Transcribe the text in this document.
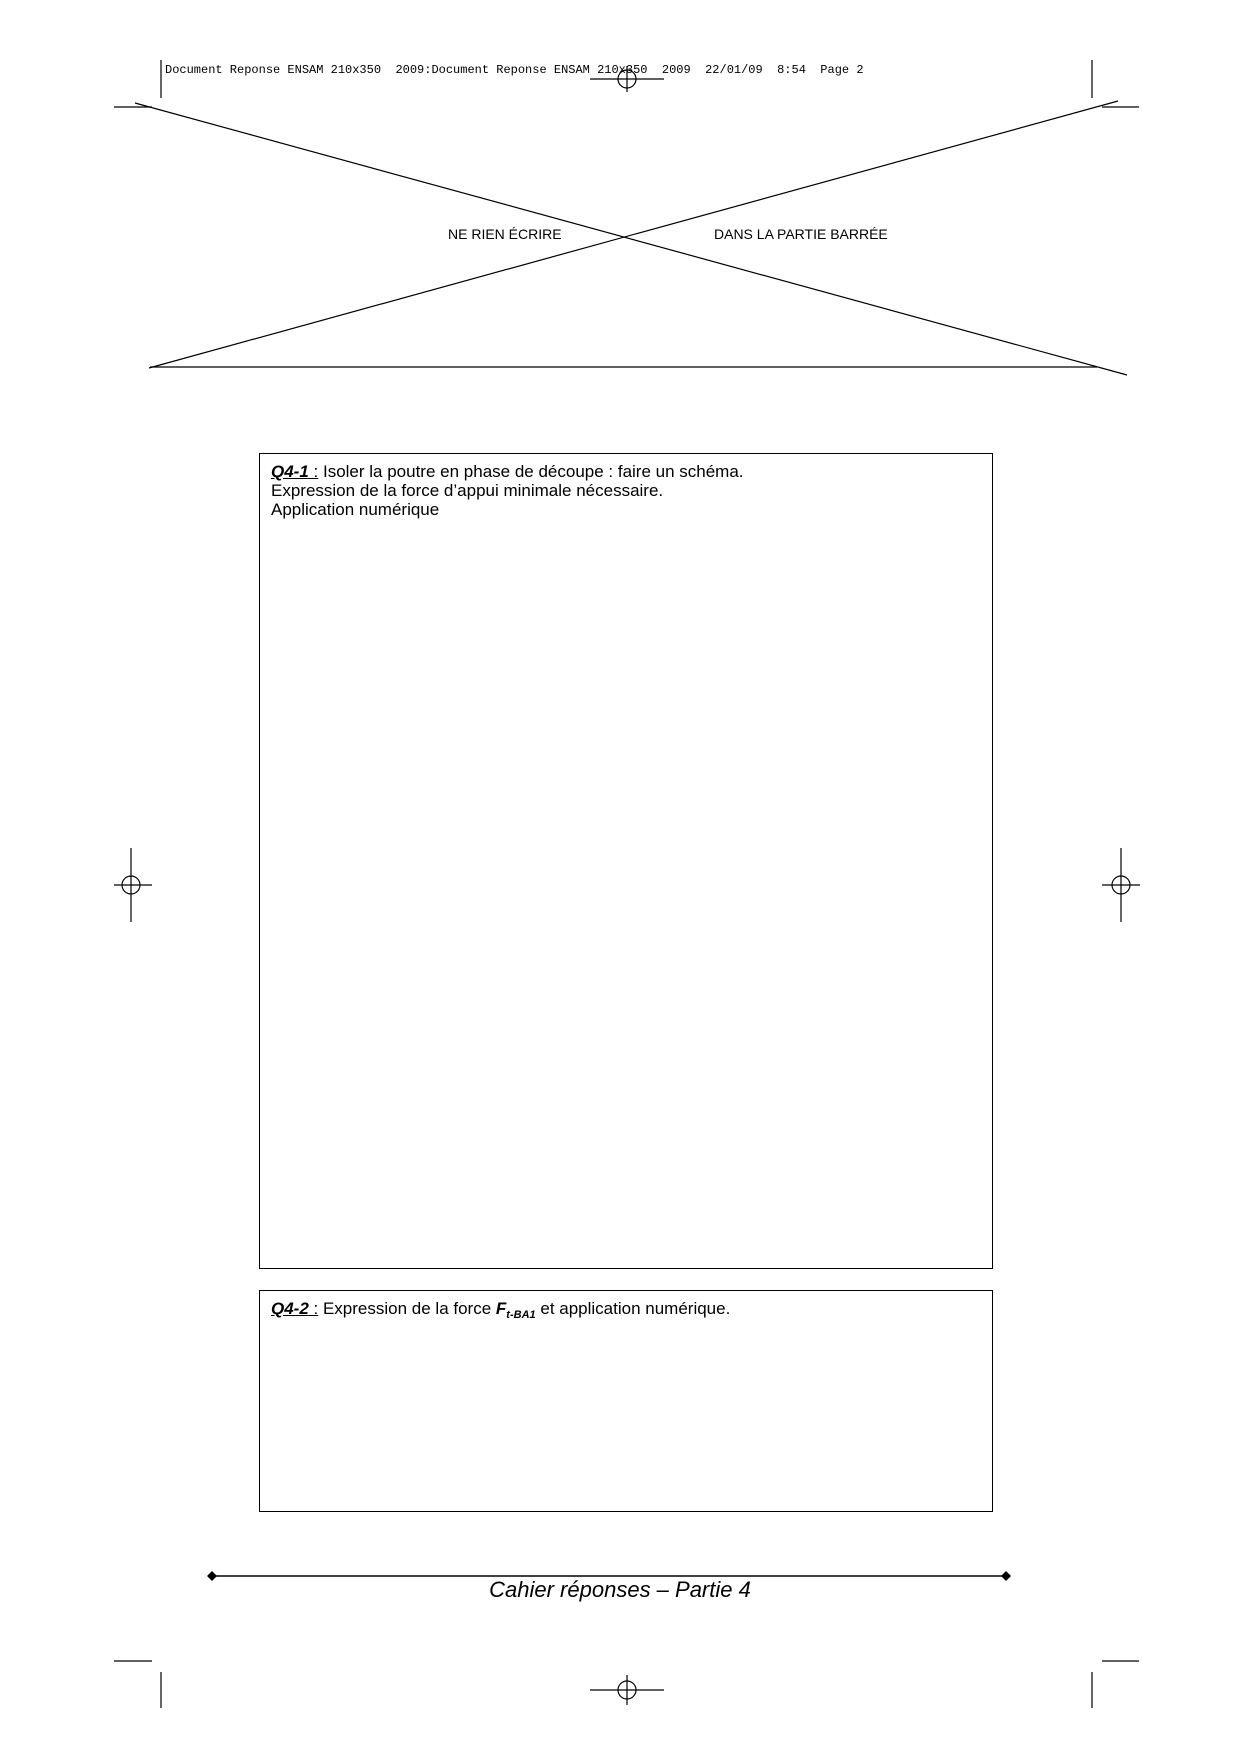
Document Reponse ENSAM 210x350  2009:Document Reponse ENSAM 210x350  2009  22/01/09  8:54  Page 2
NE RIEN ÉCRIRE	DANS LA PARTIE BARRÉE
Q4-1 : Isoler la poutre en phase de découpe : faire un schéma.
Expression de la force d’appui minimale nécessaire.
Application numérique
Q4-2 : Expression de la force $F_{t-BA1}$ et application numérique.
Cahier réponses – Partie 4
